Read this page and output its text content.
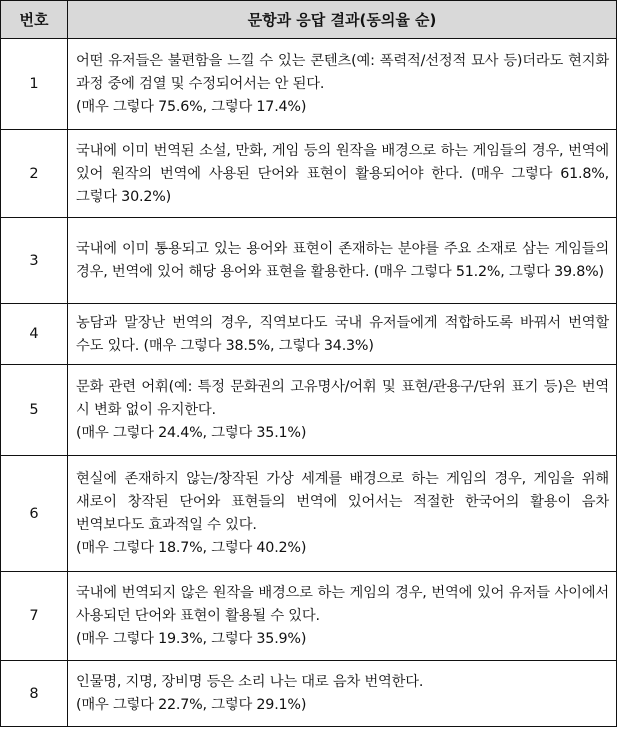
번호	문항과 응답 결과(동의율 순)
1	어떤 유저들은 불편함을 느낄 수 있는 콘텐츠(예: 폭력적/선정적 묘사 등)더라도 현지화 과정 중에 검열 및 수정되어서는 안 된다.
(매우 그렇다 75.6%, 그렇다 17.4%)

2	국내에 이미 번역된 소설, 만화, 게임 등의 원작을 배경으로 하는 게임들의 경우, 번역에 있어 원작의 번역에 사용된 단어와 표현이 활용되어야 한다. (매우 그렇다 61.8%, 그렇다 30.2%)
3	국내에 이미 통용되고 있는 용어와 표현이 존재하는 분야를 주요 소재로 삼는 게임들의 경우, 번역에 있어 해당 용어와 표현을 활용한다. (매우 그렇다 51.2%, 그렇다 39.8%)
4	농담과 말장난 번역의 경우, 직역보다도 국내 유저들에게 적합하도록 바꿔서 번역할 수도 있다. (매우 그렇다 38.5%, 그렇다 34.3%)
5	문화 관련 어휘(예: 특정 문화권의 고유명사/어휘 및 표현/관용구/단위 표기 등)은 번역 시 변화 없이 유지한다.
(매우 그렇다 24.4%, 그렇다 35.1%)

6	현실에 존재하지 않는/창작된 가상 세계를 배경으로 하는 게임의 경우, 게임을 위해 새로이 창작된 단어와 표현들의 번역에 있어서는 적절한 한국어의 활용이 음차 번역보다도 효과적일 수 있다.
(매우 그렇다 18.7%, 그렇다 40.2%)

7	국내에 번역되지 않은 원작을 배경으로 하는 게임의 경우, 번역에 있어 유저들 사이에서 사용되던 단어와 표현이 활용될 수 있다.
(매우 그렇다 19.3%, 그렇다 35.9%)

8	인물명, 지명, 장비명 등은 소리 나는 대로 음차 번역한다.
(매우 그렇다 22.7%, 그렇다 29.1%)
